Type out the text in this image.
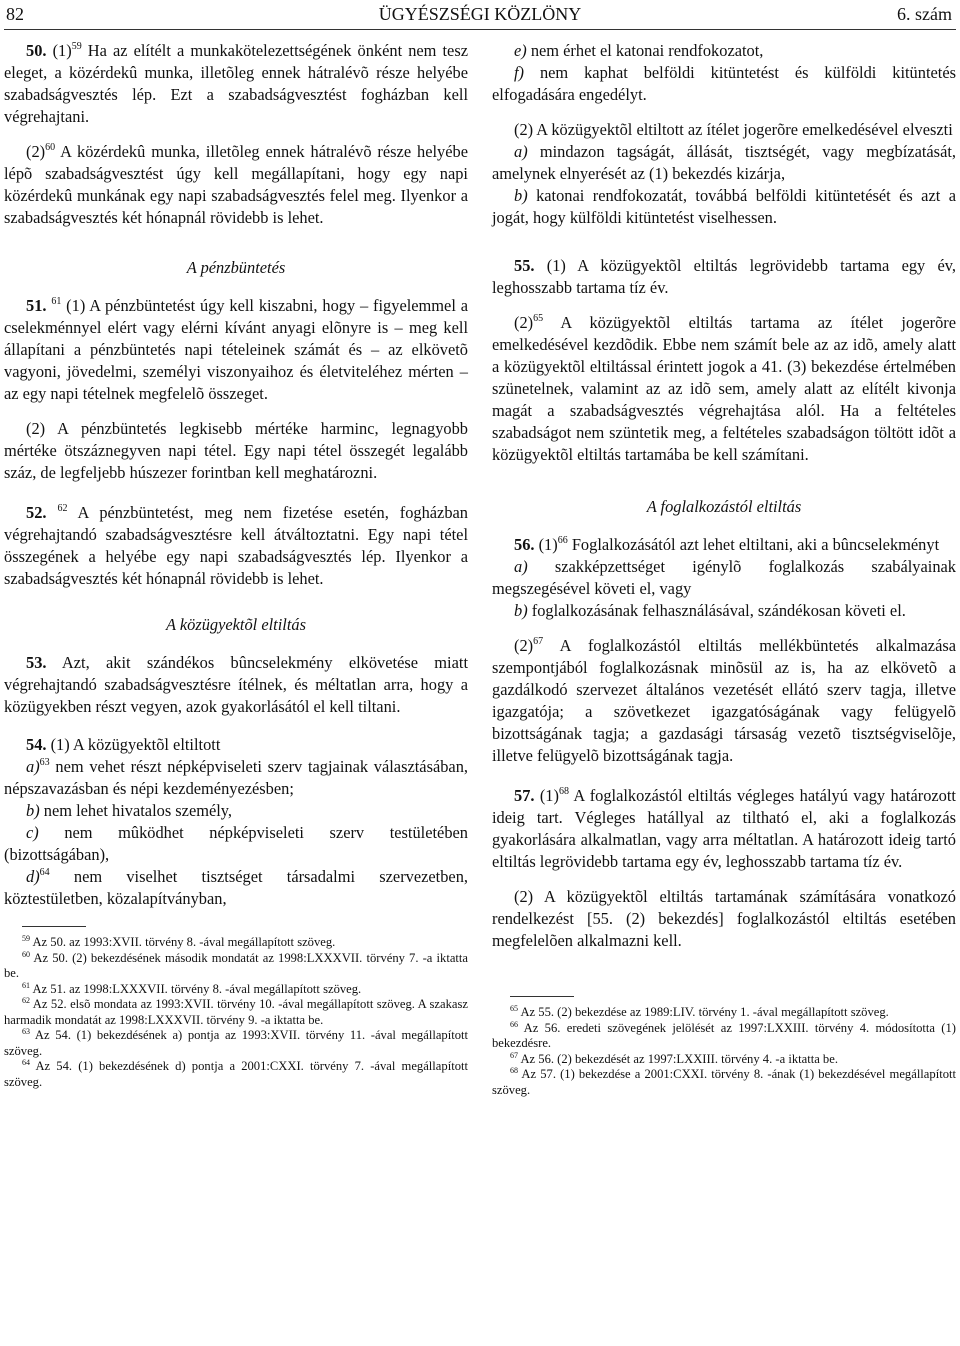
82	ÜGYÉSZSÉGI KÖZLÖNY	6. szám

50. $(1)^{59}$ Ha az elítélt a munkakötelezettségének önként nem tesz eleget, a közérdekû munka, illetõleg ennek hátralévõ része helyébe szabadságvesztés lép. Ezt a szabadságvesztést fogházban kell végrehajtani.

$(2)^{60}$ A közérdekû munka, illetõleg ennek hátralévõ része helyébe lépõ szabadságvesztést úgy kell megállapítani, hogy egy napi közérdekû munkának egy napi szabadságvesztés felel meg. Ilyenkor a szabadságvesztés két hónapnál rövidebb is lehet.

A pénzbüntetés

51. $^{61}$ (1) A pénzbüntetést úgy kell kiszabni, hogy – figyelemmel a cselekménnyel elért vagy elérni kívánt anyagi elõnyre is – meg kell állapítani a pénzbüntetés napi tételeinek számát és – az elkövetõ vagyoni, jövedelmi, személyi viszonyaihoz és életviteléhez mérten – az egy napi tételnek megfelelõ összeget.

(2) A pénzbüntetés legkisebb mértéke harminc, legnagyobb mértéke ötszáznegyven napi tétel. Egy napi tétel összegét legalább száz, de legfeljebb húszezer forintban kell meghatározni.

52. $^{62}$ A pénzbüntetést, meg nem fizetése esetén, fogházban végrehajtandó szabadságvesztésre kell átváltoztatni. Egy napi tétel összegének a helyébe egy napi szabadságvesztés lép. Ilyenkor a szabadságvesztés két hónapnál rövidebb is lehet.

A közügyektõl eltiltás

53. Azt, akit szándékos bûncselekmény elkövetése miatt végrehajtandó szabadságvesztésre ítélnek, és méltatlan arra, hogy a közügyekben részt vegyen, azok gyakorlásától el kell tiltani.

54. (1) A közügyektõl eltiltott

a)$^{63}$ nem vehet részt népképviseleti szerv tagjainak választásában, népszavazásban és népi kezdeményezésben;

b) nem lehet hivatalos személy,

c) nem mûködhet népképviseleti szerv testületében (bizottságában),

d)$^{64}$ nem viselhet tisztséget társadalmi szervezetben, köztestületben, közalapítványban,

$^{59}$ Az 50. az 1993:XVII. törvény 8. -ával megállapított szöveg.

$^{60}$ Az 50. (2) bekezdésének második mondatát az 1998:LXXXVII. törvény 7. -a iktatta be.

$^{61}$ Az 51. az 1998:LXXXVII. törvény 8. -ával megállapított szöveg.

$^{62}$ Az 52. elsõ mondata az 1993:XVII. törvény 10. -ával megállapított szöveg. A szakasz harmadik mondatát az 1998:LXXXVII. törvény 9. -a iktatta be.

$^{63}$ Az 54. (1) bekezdésének a) pontja az 1993:XVII. törvény 11. -ával megállapított szöveg.

$^{64}$ Az 54. (1) bekezdésének d) pontja a 2001:CXXI. törvény 7. -ával megállapított szöveg.

e) nem érhet el katonai rendfokozatot,

f) nem kaphat belföldi kitüntetést és külföldi kitüntetés elfogadására engedélyt.

(2) A közügyektõl eltiltott az ítélet jogerõre emelkedésével elveszti

a) mindazon tagságát, állását, tisztségét, vagy megbízatását, amelynek elnyerését az (1) bekezdés kizárja,

b) katonai rendfokozatát, továbbá belföldi kitüntetését és azt a jogát, hogy külföldi kitüntetést viselhessen.

55. (1) A közügyektõl eltiltás legrövidebb tartama egy év, leghosszabb tartama tíz év.

$(2)^{65}$ A közügyektõl eltiltás tartama az ítélet jogerõre emelkedésével kezdõdik. Ebbe nem számít bele az az idõ, amely alatt a közügyektõl eltiltással érintett jogok a 41. (3) bekezdése értelmében szünetelnek, valamint az az idõ sem, amely alatt az elítélt kivonja magát a szabadságvesztés végrehajtása alól. Ha a feltételes szabadságot nem szüntetik meg, a feltételes szabadságon töltött idõt a közügyektõl eltiltás tartamába be kell számítani.

A foglalkozástól eltiltás

56. $(1)^{66}$ Foglalkozásától azt lehet eltiltani, aki a bûncselekményt

a) szakképzettséget igénylõ foglalkozás szabályainak megszegésével követi el, vagy

b) foglalkozásának felhasználásával, szándékosan követi el.

$(2)^{67}$ A foglalkozástól eltiltás mellékbüntetés alkalmazása szempontjából foglalkozásnak minõsül az is, ha az elkövetõ a gazdálkodó szervezet általános vezetését ellátó szerv tagja, illetve igazgatója; a szövetkezet igazgatóságának vagy felügyelõ bizottságának tagja; a gazdasági társaság vezetõ tisztségviselõje, illetve felügyelõ bizottságának tagja.

57. $(1)^{68}$ A foglalkozástól eltiltás végleges hatályú vagy határozott ideig tart. Végleges hatállyal az tiltható el, aki a foglalkozás gyakorlására alkalmatlan, vagy arra méltatlan. A határozott ideig tartó eltiltás legrövidebb tartama egy év, leghosszabb tartama tíz év.

(2) A közügyektõl eltiltás tartamának számítására vonatkozó rendelkezést [55. (2) bekezdés] foglalkozástól eltiltás esetében megfelelõen alkalmazni kell.

$^{65}$ Az 55. (2) bekezdése az 1989:LIV. törvény 1. -ával megállapított szöveg.

$^{66}$ Az 56. eredeti szövegének jelölését az 1997:LXXIII. törvény 4. módosította (1) bekezdésre.

$^{67}$ Az 56. (2) bekezdését az 1997:LXXIII. törvény 4. -a iktatta be.

$^{68}$ Az 57. (1) bekezdése a 2001:CXXI. törvény 8. -ának (1) bekezdésével megállapított szöveg.
